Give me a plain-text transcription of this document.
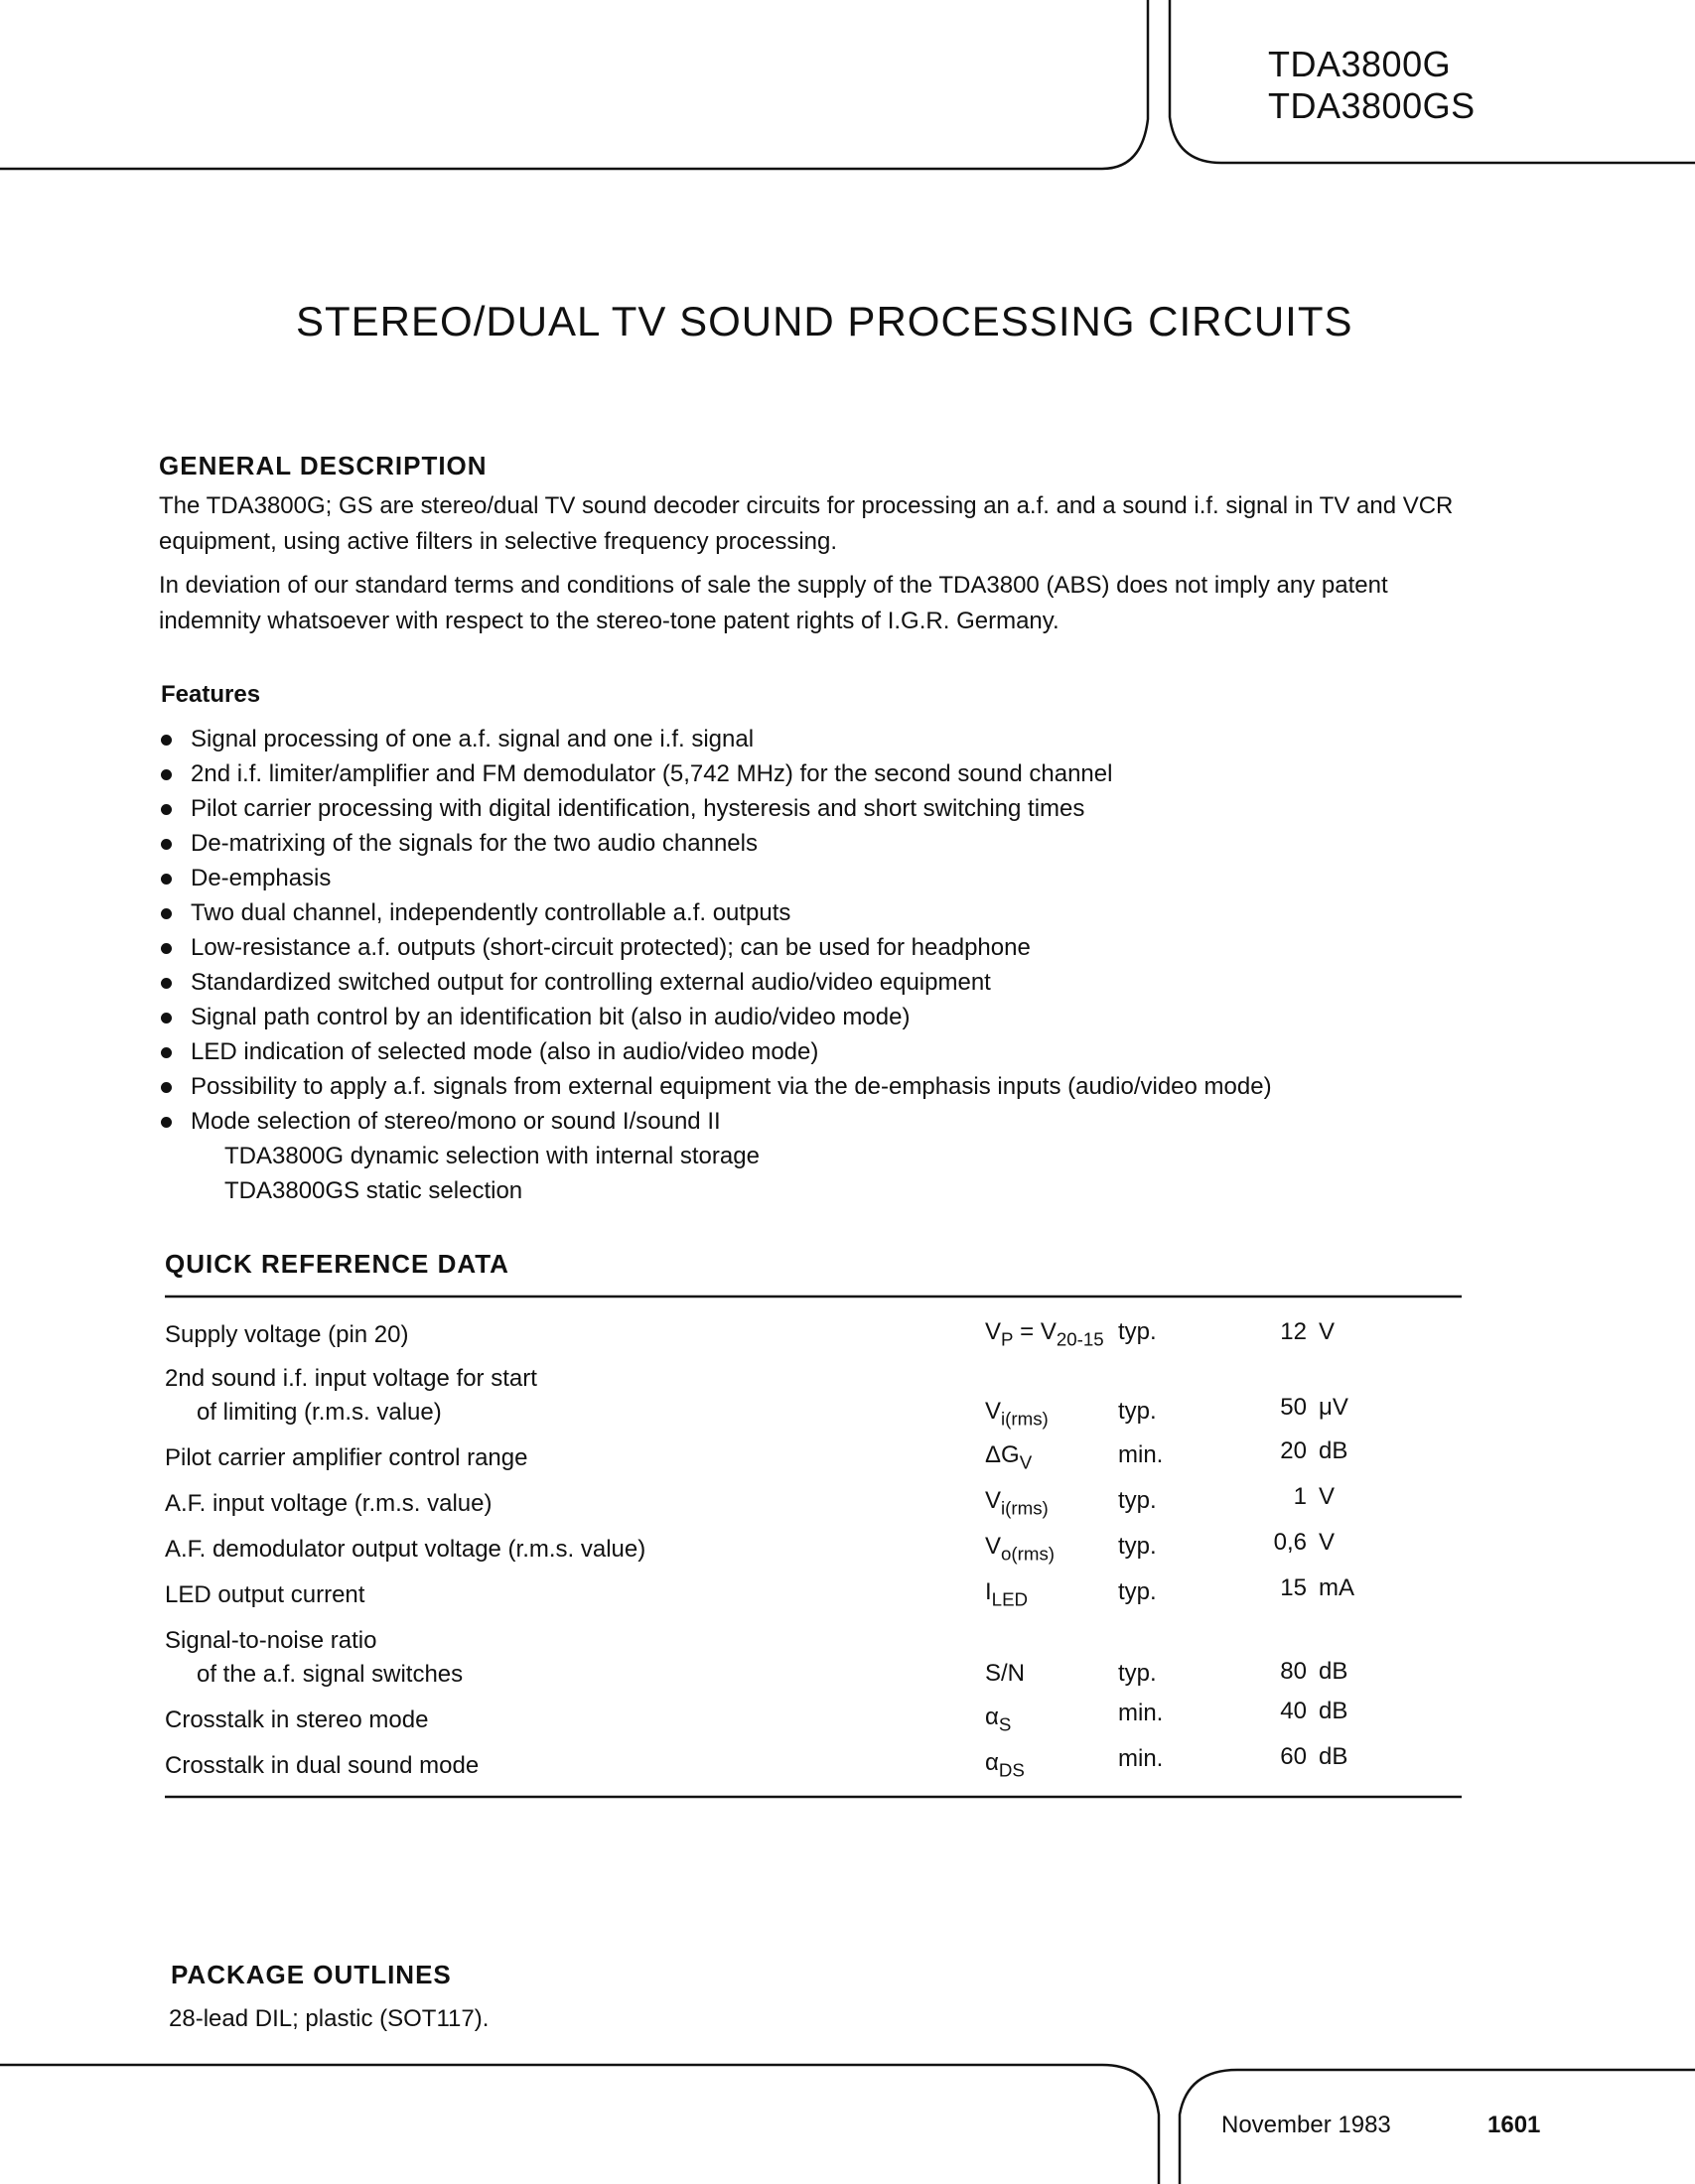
TDA3800G
TDA3800GS
STEREO/DUAL TV SOUND PROCESSING CIRCUITS
GENERAL DESCRIPTION
The TDA3800G; GS are stereo/dual TV sound decoder circuits for processing an a.f. and a sound i.f. signal in TV and VCR equipment, using active filters in selective frequency processing.
In deviation of our standard terms and conditions of sale the supply of the TDA3800 (ABS) does not imply any patent indemnity whatsoever with respect to the stereo-tone patent rights of I.G.R. Germany.
Features
Signal processing of one a.f. signal and one i.f. signal
2nd i.f. limiter/amplifier and FM demodulator (5,742 MHz) for the second sound channel
Pilot carrier processing with digital identification, hysteresis and short switching times
De-matrixing of the signals for the two audio channels
De-emphasis
Two dual channel, independently controllable a.f. outputs
Low-resistance a.f. outputs (short-circuit protected); can be used for headphone
Standardized switched output for controlling external audio/video equipment
Signal path control by an identification bit (also in audio/video mode)
LED indication of selected mode (also in audio/video mode)
Possibility to apply a.f. signals from external equipment via the de-emphasis inputs (audio/video mode)
Mode selection of stereo/mono or sound I/sound II
TDA3800G dynamic selection with internal storage
TDA3800GS static selection
QUICK REFERENCE DATA
Supply voltage (pin 20)	$V_P = V_{20-15}$ typ.	12 V
2nd sound i.f. input voltage for start
of limiting (r.m.s. value)	$V_{i(rms)}$	typ.	50 μV
Pilot carrier amplifier control range	$\Delta G_V$	min.	20 dB
A.F. input voltage (r.m.s. value)	$V_{i(rms)}$	typ.	1 V
A.F. demodulator output voltage (r.m.s. value)	$V_{o(rms)}$	typ.	0,6 V
LED output current	$I_{LED}$	typ.	15 mA
Signal-to-noise ratio
of the a.f. signal switches	S/N	typ.	80 dB
Crosstalk in stereo mode	$\alpha_S$	min.	40 dB
Crosstalk in dual sound mode	$\alpha_{DS}$	min.	60 dB
PACKAGE OUTLINES
28-lead DIL; plastic (SOT117).
November 1983	1601
